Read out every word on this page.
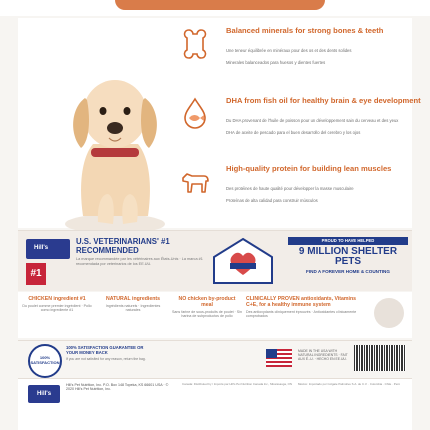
Balanced minerals for strong bones & teeth
Une teneur équilibrée en minéraux pour des os et des dents solides
Minerales balanceados para huesos y dientes fuertes
DHA from fish oil for healthy brain & eye development
Du DHA provenant de l'huile de poisson pour un développement sain du cerveau et des yeux
DHA de aceite de pescado para el buen desarrollo del cerebro y los ojos
High-quality protein for building lean muscles
Des protéines de haute qualité pour développer la masse musculaire
Proteínas de alta calidad para construir músculos
Hill's
U.S. VETERINARIANS' #1 RECOMMENDED
La marque recommandée par les vétérinaires aux États-Unis · La marca #1 recomendada por veterinarios de los EE.UU.
#1
PROUD TO HAVE HELPED
9 MILLION SHELTER PETS
FIND A FOREVER HOME & COUNTING
CHICKEN ingredient #1
Du poulet comme premier ingrédient · Pollo como ingrediente #1
NATURAL ingredients
Ingrédients naturels · Ingredientes naturales
NO chicken by-product meal
Sans farine de sous-produits de poulet · Sin harina de subproductos de pollo
CLINICALLY PROVEN antioxidants, Vitamins C+E, for a healthy immune system
Des antioxydants cliniquement éprouvés · Antioxidantes clínicamente comprobados
100% SATISFACTION
100% SATISFACTION GUARANTEE OR YOUR MONEY BACK
If you are not satisfied for any reason, return the bag.
MADE IN THE USA WITH NATURAL INGREDIENTS · FAIT AUX É.-U. · HECHO EN EE.UU.
Hill's
Hill's Pet Nutrition, Inc. P.O. Box 148 Topeka, KS 66601 USA · © 2020 Hill's Pet Nutrition, Inc.
Canada: Distributed by / Importé par Hill's Pet Nutrition Canada Inc., Mississauga, ON México: Importado por Colgate Palmolive S.A. de C.V. · Colombia · Chile · Perú
